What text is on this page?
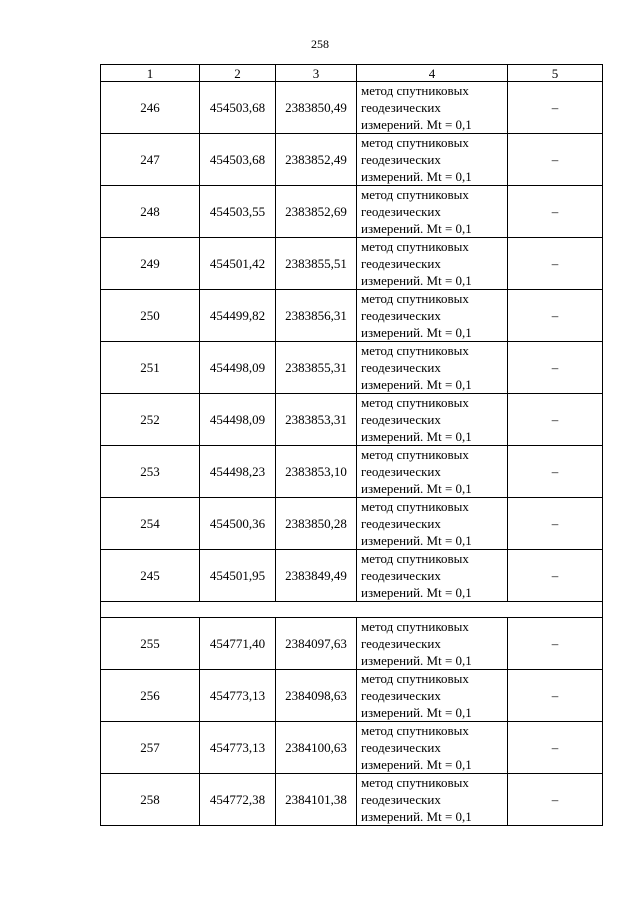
258
1	2	3	4	5
246	454503,68	2383850,49	метод спутниковых
геодезических
измерений. Mt = 0,1	–
247	454503,68	2383852,49	метод спутниковых
геодезических
измерений. Mt = 0,1	–
248	454503,55	2383852,69	метод спутниковых
геодезических
измерений. Mt = 0,1	–
249	454501,42	2383855,51	метод спутниковых
геодезических
измерений. Mt = 0,1	–
250	454499,82	2383856,31	метод спутниковых
геодезических
измерений. Mt = 0,1	–
251	454498,09	2383855,31	метод спутниковых
геодезических
измерений. Mt = 0,1	–
252	454498,09	2383853,31	метод спутниковых
геодезических
измерений. Mt = 0,1	–
253	454498,23	2383853,10	метод спутниковых
геодезических
измерений. Mt = 0,1	–
254	454500,36	2383850,28	метод спутниковых
геодезических
измерений. Mt = 0,1	–
245	454501,95	2383849,49	метод спутниковых
геодезических
измерений. Mt = 0,1	–

255	454771,40	2384097,63	метод спутниковых
геодезических
измерений. Mt = 0,1	–
256	454773,13	2384098,63	метод спутниковых
геодезических
измерений. Mt = 0,1	–
257	454773,13	2384100,63	метод спутниковых
геодезических
измерений. Mt = 0,1	–
258	454772,38	2384101,38	метод спутниковых
геодезических
измерений. Mt = 0,1	–
